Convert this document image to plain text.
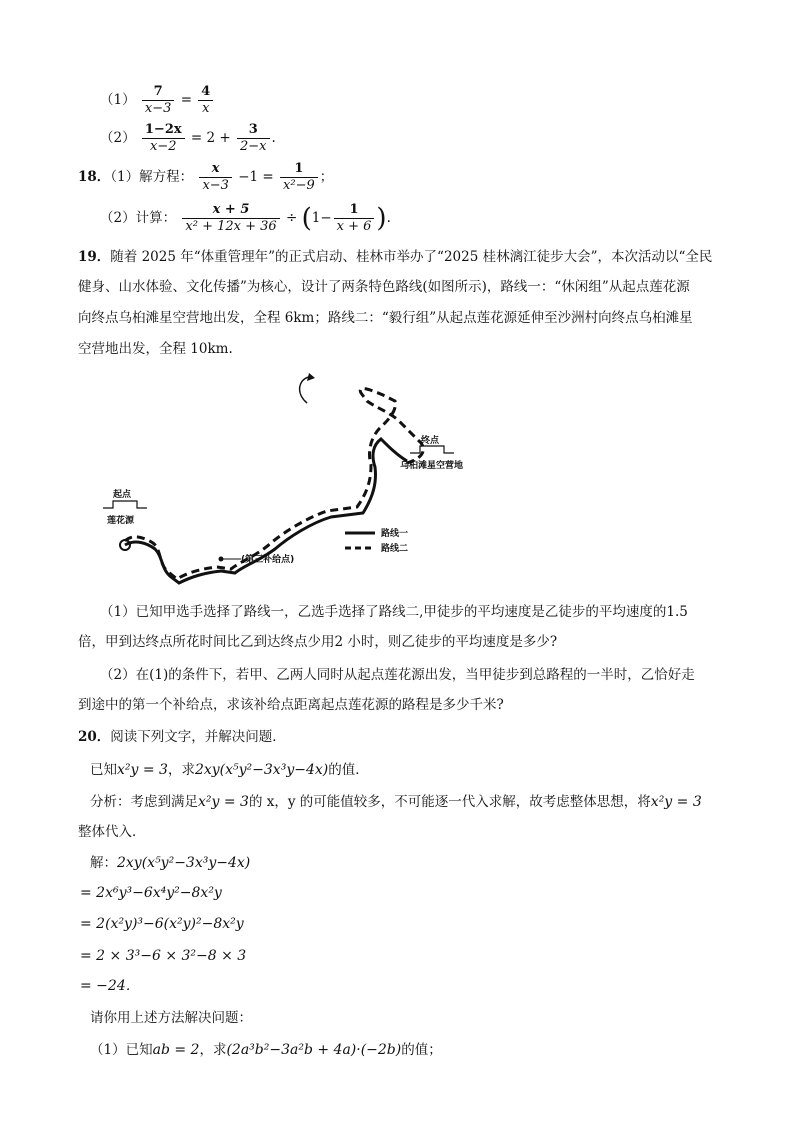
$(1) \frac{7}{x-3} = \frac{4}{x}$
$(2) \frac{1-2x}{x-2} = 2 + \frac{3}{2-x}$ .
18．（1）解方程： $\frac{x}{x-3} -1 = \frac{1}{\text{x²−9}}$ ；
（2）计算： $\frac{x + 5}{\text{x² + 12x + 36}} \div (1- \frac{1}{x + 6}$ ).
19．随着 2025 年“体重管理年”的正式启动、桂林市举办了“2025 桂林漓江徒步大会”，本次活动以“全民
健身、山水体验、文化传播”为核心，设计了两条特色路线(如图所示)，路线一：“休闲组”从起点莲花源
向终点乌桕滩星空营地出发，全程 6km；路线二：“毅行组”从起点莲花源延伸至沙洲村向终点乌桕滩星
空营地出发，全程 10km.
起点
莲花源
终点
乌桕滩星空营地
(第三补给点)
路线一
路线二
（1）已知甲选手选择了路线一，乙选手选择了路线二,甲徒步的平均速度是乙徒步的平均速度的1.5
倍，甲到达终点所花时间比乙到达终点少用2 小时，则乙徒步的平均速度是多少?
（2）在(1)的条件下，若甲、乙两人同时从起点莲花源出发，当甲徒步到总路程的一半时，乙恰好走
到途中的第一个补给点，求该补给点距离起点莲花源的路程是多少千米?
20．阅读下列文字，并解决问题．
已知x²y = 3，求2xy(x⁵y²−3x³y−4x)的值．
分析：考虑到满足x²y = 3的 x，y 的可能值较多，不可能逐一代入求解，故考虑整体思想，将x²y = 3
整体代入．
解：2xy(x⁵y²−3x³y−4x)
= 2x⁶y³−6x⁴y²−8x²y
= 2(x²y)³−6(x²y)²−8x²y
= 2 × 3³−6 × 3²−8 × 3
= −24．
请你用上述方法解决问题：
（1）已知ab = 2，求(2a³b²−3a²b + 4a)·(−2b)的值；
